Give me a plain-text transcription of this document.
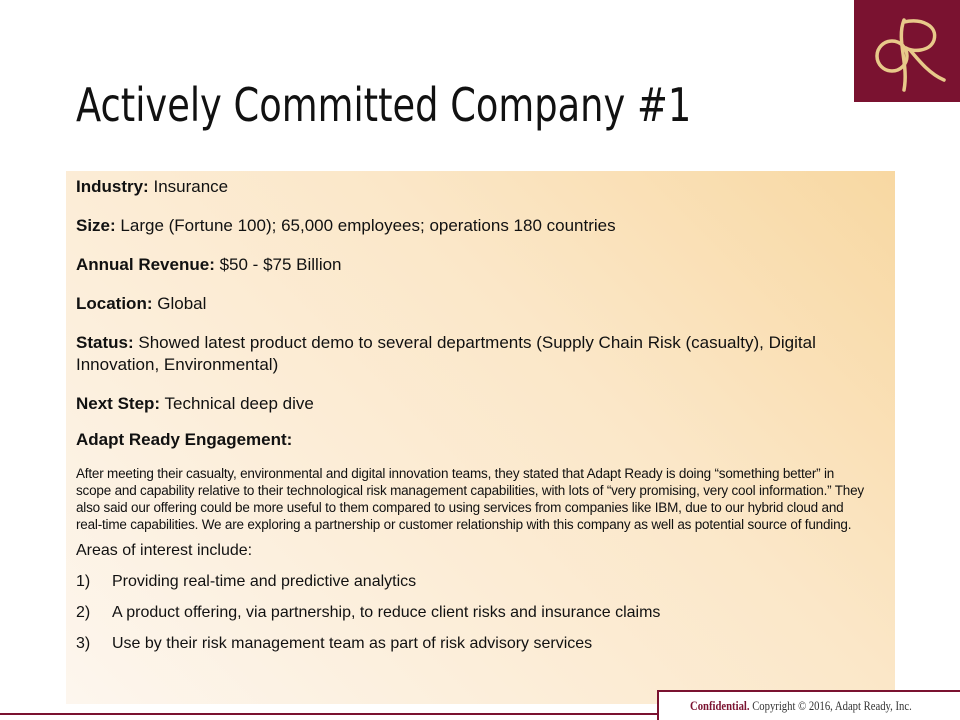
Actively Committed Company #1

Industry: Insurance

Size: Large (Fortune 100); 65,000 employees; operations 180 countries

Annual Revenue: $50 - $75 Billion

Location: Global

Status: Showed latest product demo to several departments (Supply Chain Risk (casualty), Digital Innovation, Environmental)

Next Step: Technical deep dive

Adapt Ready Engagement:

After meeting their casualty, environmental and digital innovation teams, they stated that Adapt Ready is doing “something better” in scope and capability relative to their technological risk management capabilities, with lots of “very promising, very cool information.” They also said our offering could be more useful to them compared to using services from companies like IBM, due to our hybrid cloud and real-time capabilities. We are exploring a partnership or customer relationship with this company as well as potential source of funding.

Areas of interest include:

1)	Providing real-time and predictive analytics
2)	A product offering, via partnership, to reduce client risks and insurance claims
3)	Use by their risk management team as part of risk advisory services
Confidential. Copyright © 2016, Adapt Ready, Inc.
